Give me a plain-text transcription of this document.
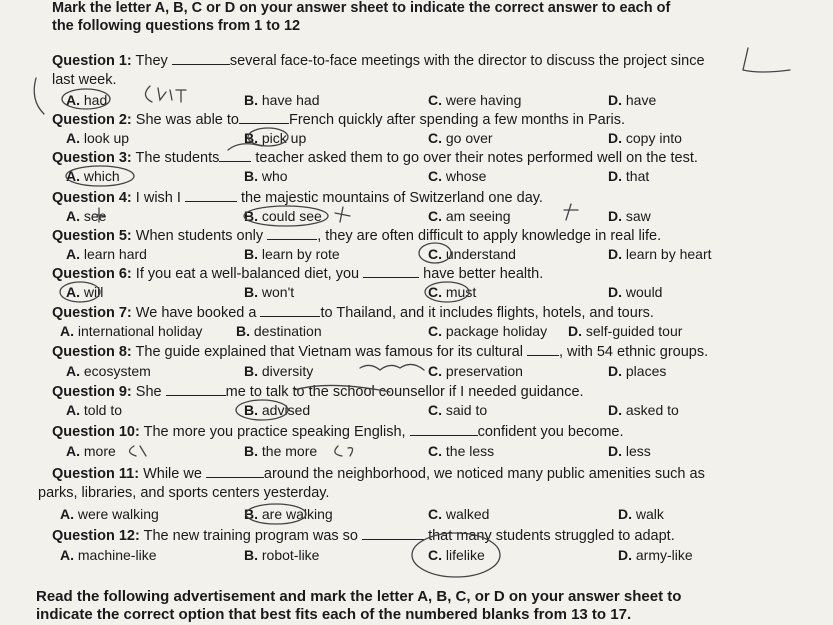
Mark the letter A, B, C or D on your answer sheet to indicate the correct answer to each of
the following questions from 1 to 12
Question 1: They	several face-to-face meetings with the director to discuss the project since
last week.
A. had	B. have had	C. were having	D. have
Question 2: She was able to	French quickly after spending a few months in Paris.
A. look up	B. pick up	C. go over	D. copy into
Question 3: The students teacher asked them to go over their notes performed well on the test.
A. which	B. who	C. whose	D. that
Question 4: I wish I	the majestic mountains of Switzerland one day.
A. see	B. could see	C. am seeing	D. saw
Question 5: When students only	, they are often difficult to apply knowledge in real life.
A. learn hard	B. learn by rote	C. understand	D. learn by heart
Question 6: If you eat a well-balanced diet, you	have better health.
A. will	B. won't	C. must	D. would
Question 7: We have booked a	to Thailand, and it includes flights, hotels, and tours.
A. international holiday B. destination	C. package holiday D. self-guided tour
Question 8: The guide explained that Vietnam was famous for its cultural , with 54 ethnic groups.
A. ecosystem	B. diversity	C. preservation	D. places
Question 9: She	me to talk to the school counsellor if I needed guidance.
A. told to	B. advised	C. said to	D. asked to
Question 10: The more you practice speaking English,	confident you become.
A. more	B. the more	C. the less	D. less
Question 11: While we	around the neighborhood, we noticed many public amenities such as
parks, libraries, and sports centers yesterday.
A. were walking	B. are walking	C. walked	D. walk
Question 12: The new training program was so	that many students struggled to adapt.
A. machine-like	B. robot-like	C. lifelike	D. army-like
Read the following advertisement and mark the letter A, B, C, or D on your answer sheet to
indicate the correct option that best fits each of the numbered blanks from 13 to 17.
